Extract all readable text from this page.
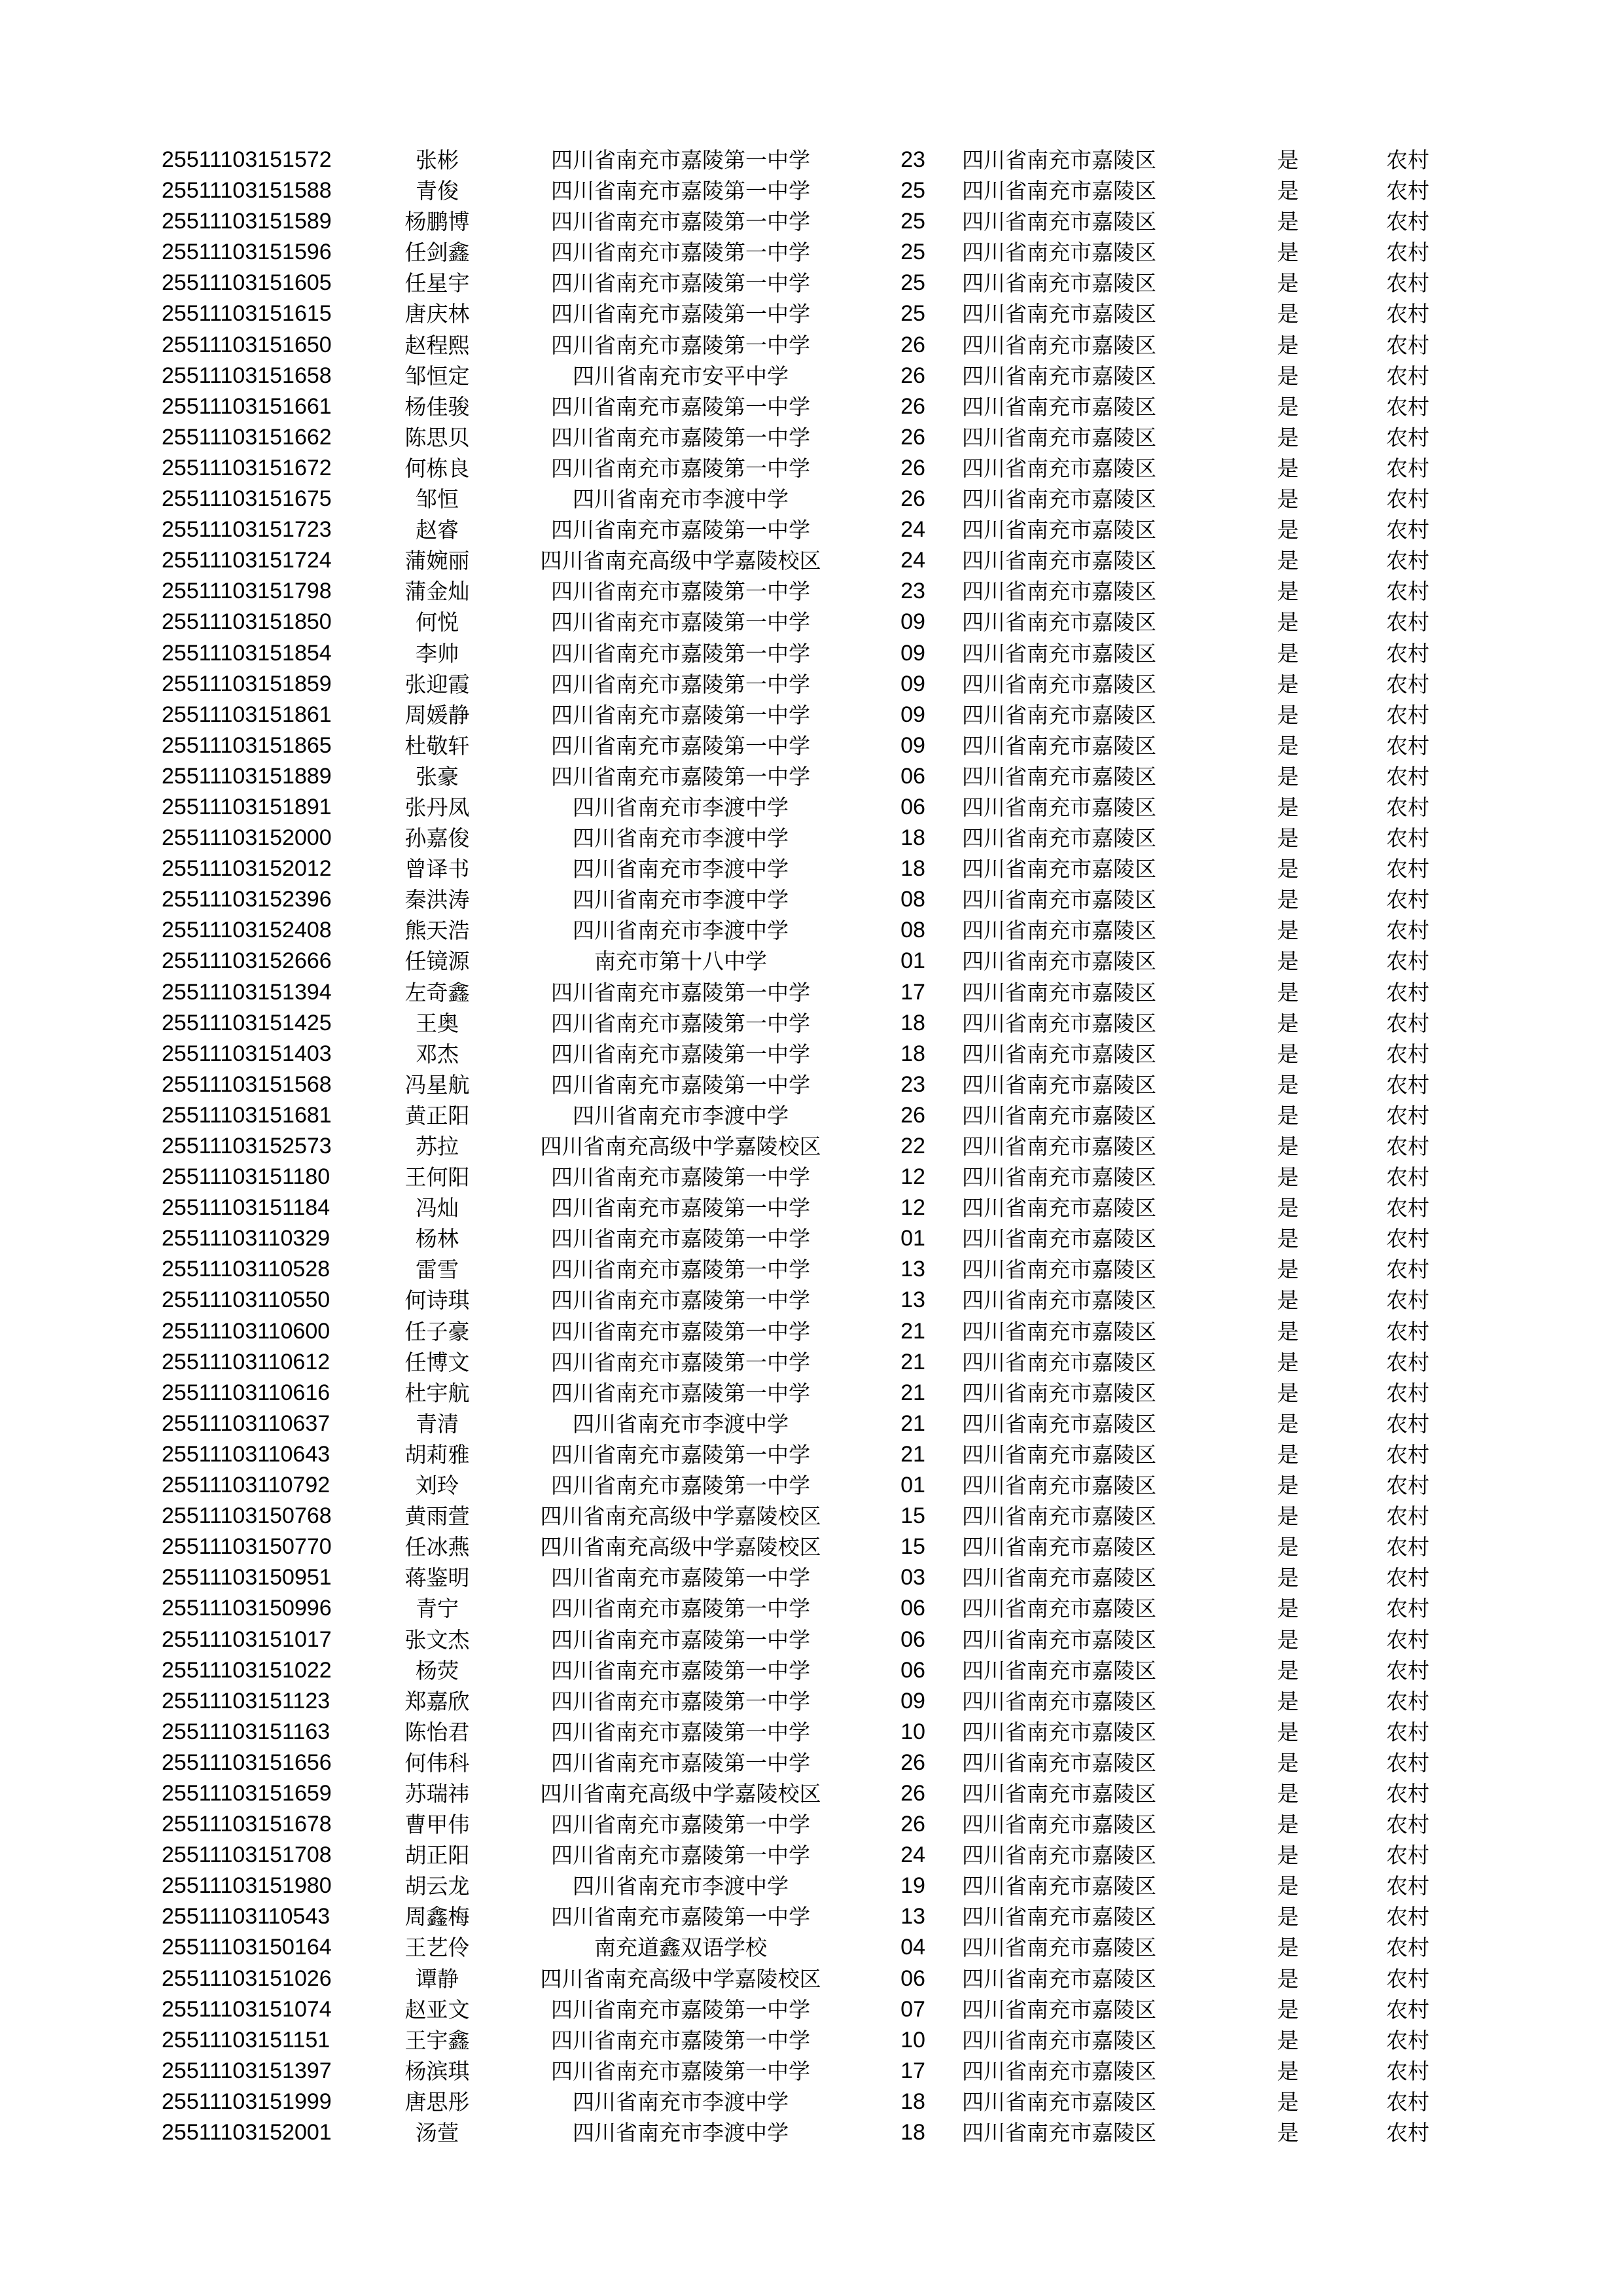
25511103151572	张彬	四川省南充市嘉陵第一中学	23	四川省南充市嘉陵区	是	农村
25511103151588	青俊	四川省南充市嘉陵第一中学	25	四川省南充市嘉陵区	是	农村
25511103151589	杨鹏博	四川省南充市嘉陵第一中学	25	四川省南充市嘉陵区	是	农村
25511103151596	任剑鑫	四川省南充市嘉陵第一中学	25	四川省南充市嘉陵区	是	农村
25511103151605	任星宇	四川省南充市嘉陵第一中学	25	四川省南充市嘉陵区	是	农村
25511103151615	唐庆林	四川省南充市嘉陵第一中学	25	四川省南充市嘉陵区	是	农村
25511103151650	赵程熙	四川省南充市嘉陵第一中学	26	四川省南充市嘉陵区	是	农村
25511103151658	邹恒定	四川省南充市安平中学	26	四川省南充市嘉陵区	是	农村
25511103151661	杨佳骏	四川省南充市嘉陵第一中学	26	四川省南充市嘉陵区	是	农村
25511103151662	陈思贝	四川省南充市嘉陵第一中学	26	四川省南充市嘉陵区	是	农村
25511103151672	何栋良	四川省南充市嘉陵第一中学	26	四川省南充市嘉陵区	是	农村
25511103151675	邹恒	四川省南充市李渡中学	26	四川省南充市嘉陵区	是	农村
25511103151723	赵睿	四川省南充市嘉陵第一中学	24	四川省南充市嘉陵区	是	农村
25511103151724	蒲婉丽	四川省南充高级中学嘉陵校区	24	四川省南充市嘉陵区	是	农村
25511103151798	蒲金灿	四川省南充市嘉陵第一中学	23	四川省南充市嘉陵区	是	农村
25511103151850	何悦	四川省南充市嘉陵第一中学	09	四川省南充市嘉陵区	是	农村
25511103151854	李帅	四川省南充市嘉陵第一中学	09	四川省南充市嘉陵区	是	农村
25511103151859	张迎霞	四川省南充市嘉陵第一中学	09	四川省南充市嘉陵区	是	农村
25511103151861	周媛静	四川省南充市嘉陵第一中学	09	四川省南充市嘉陵区	是	农村
25511103151865	杜敬轩	四川省南充市嘉陵第一中学	09	四川省南充市嘉陵区	是	农村
25511103151889	张豪	四川省南充市嘉陵第一中学	06	四川省南充市嘉陵区	是	农村
25511103151891	张丹凤	四川省南充市李渡中学	06	四川省南充市嘉陵区	是	农村
25511103152000	孙嘉俊	四川省南充市李渡中学	18	四川省南充市嘉陵区	是	农村
25511103152012	曾译书	四川省南充市李渡中学	18	四川省南充市嘉陵区	是	农村
25511103152396	秦洪涛	四川省南充市李渡中学	08	四川省南充市嘉陵区	是	农村
25511103152408	熊天浩	四川省南充市李渡中学	08	四川省南充市嘉陵区	是	农村
25511103152666	任镜源	南充市第十八中学	01	四川省南充市嘉陵区	是	农村
25511103151394	左奇鑫	四川省南充市嘉陵第一中学	17	四川省南充市嘉陵区	是	农村
25511103151425	王奥	四川省南充市嘉陵第一中学	18	四川省南充市嘉陵区	是	农村
25511103151403	邓杰	四川省南充市嘉陵第一中学	18	四川省南充市嘉陵区	是	农村
25511103151568	冯星航	四川省南充市嘉陵第一中学	23	四川省南充市嘉陵区	是	农村
25511103151681	黄正阳	四川省南充市李渡中学	26	四川省南充市嘉陵区	是	农村
25511103152573	苏拉	四川省南充高级中学嘉陵校区	22	四川省南充市嘉陵区	是	农村
25511103151180	王何阳	四川省南充市嘉陵第一中学	12	四川省南充市嘉陵区	是	农村
25511103151184	冯灿	四川省南充市嘉陵第一中学	12	四川省南充市嘉陵区	是	农村
25511103110329	杨林	四川省南充市嘉陵第一中学	01	四川省南充市嘉陵区	是	农村
25511103110528	雷雪	四川省南充市嘉陵第一中学	13	四川省南充市嘉陵区	是	农村
25511103110550	何诗琪	四川省南充市嘉陵第一中学	13	四川省南充市嘉陵区	是	农村
25511103110600	任子豪	四川省南充市嘉陵第一中学	21	四川省南充市嘉陵区	是	农村
25511103110612	任博文	四川省南充市嘉陵第一中学	21	四川省南充市嘉陵区	是	农村
25511103110616	杜宇航	四川省南充市嘉陵第一中学	21	四川省南充市嘉陵区	是	农村
25511103110637	青清	四川省南充市李渡中学	21	四川省南充市嘉陵区	是	农村
25511103110643	胡莉雅	四川省南充市嘉陵第一中学	21	四川省南充市嘉陵区	是	农村
25511103110792	刘玲	四川省南充市嘉陵第一中学	01	四川省南充市嘉陵区	是	农村
25511103150768	黄雨萱	四川省南充高级中学嘉陵校区	15	四川省南充市嘉陵区	是	农村
25511103150770	任冰燕	四川省南充高级中学嘉陵校区	15	四川省南充市嘉陵区	是	农村
25511103150951	蒋鉴明	四川省南充市嘉陵第一中学	03	四川省南充市嘉陵区	是	农村
25511103150996	青宁	四川省南充市嘉陵第一中学	06	四川省南充市嘉陵区	是	农村
25511103151017	张文杰	四川省南充市嘉陵第一中学	06	四川省南充市嘉陵区	是	农村
25511103151022	杨荧	四川省南充市嘉陵第一中学	06	四川省南充市嘉陵区	是	农村
25511103151123	郑嘉欣	四川省南充市嘉陵第一中学	09	四川省南充市嘉陵区	是	农村
25511103151163	陈怡君	四川省南充市嘉陵第一中学	10	四川省南充市嘉陵区	是	农村
25511103151656	何伟科	四川省南充市嘉陵第一中学	26	四川省南充市嘉陵区	是	农村
25511103151659	苏瑞祎	四川省南充高级中学嘉陵校区	26	四川省南充市嘉陵区	是	农村
25511103151678	曹甲伟	四川省南充市嘉陵第一中学	26	四川省南充市嘉陵区	是	农村
25511103151708	胡正阳	四川省南充市嘉陵第一中学	24	四川省南充市嘉陵区	是	农村
25511103151980	胡云龙	四川省南充市李渡中学	19	四川省南充市嘉陵区	是	农村
25511103110543	周鑫梅	四川省南充市嘉陵第一中学	13	四川省南充市嘉陵区	是	农村
25511103150164	王艺伶	南充道鑫双语学校	04	四川省南充市嘉陵区	是	农村
25511103151026	谭静	四川省南充高级中学嘉陵校区	06	四川省南充市嘉陵区	是	农村
25511103151074	赵亚文	四川省南充市嘉陵第一中学	07	四川省南充市嘉陵区	是	农村
25511103151151	王宇鑫	四川省南充市嘉陵第一中学	10	四川省南充市嘉陵区	是	农村
25511103151397	杨滨琪	四川省南充市嘉陵第一中学	17	四川省南充市嘉陵区	是	农村
25511103151999	唐思彤	四川省南充市李渡中学	18	四川省南充市嘉陵区	是	农村
25511103152001	汤萱	四川省南充市李渡中学	18	四川省南充市嘉陵区	是	农村
